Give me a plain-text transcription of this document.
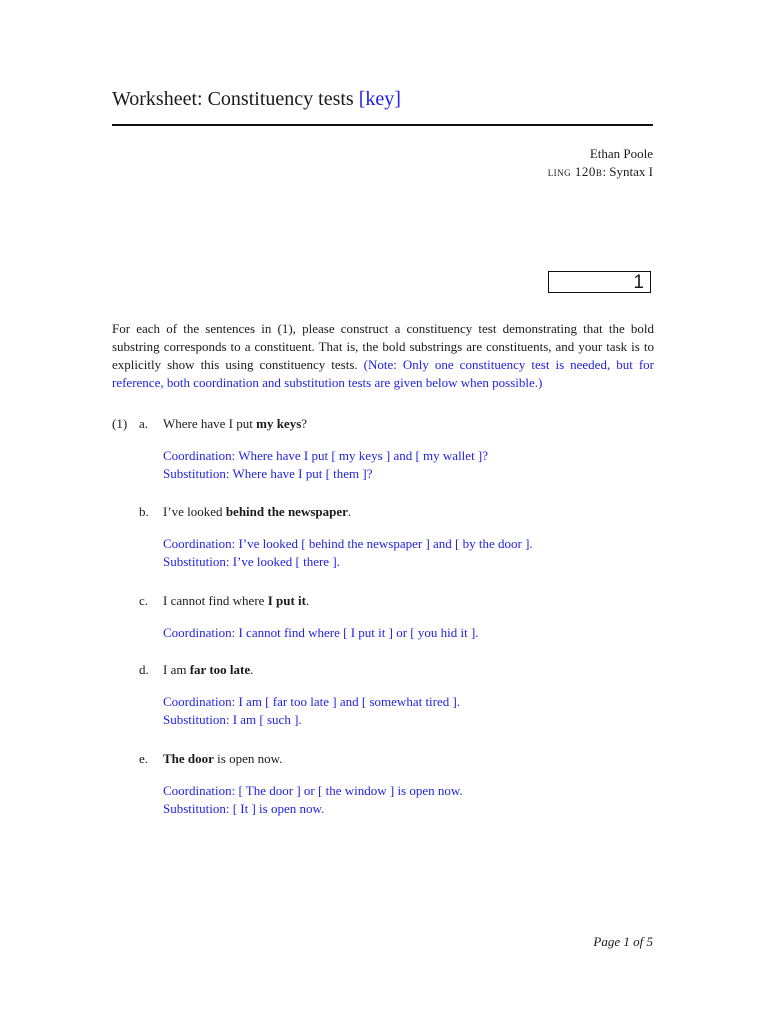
Worksheet: Constituency tests [key]
Ethan Poole
ling 120b: Syntax I
1
For each of the sentences in (1), please construct a constituency test demonstrating that the bold substring corresponds to a constituent. That is, the bold substrings are constituents, and your task is to explicitly show this using constituency tests. (Note: Only one constituency test is needed, but for reference, both coordination and substitution tests are given below when possible.)
(1) a. Where have I put my keys?
Coordination: Where have I put [ my keys ] and [ my wallet ]?
Substitution: Where have I put [ them ]?
b. I’ve looked behind the newspaper.
Coordination: I’ve looked [ behind the newspaper ] and [ by the door ].
Substitution: I’ve looked [ there ].
c. I cannot find where I put it.
Coordination: I cannot find where [ I put it ] or [ you hid it ].
d. I am far too late.
Coordination: I am [ far too late ] and [ somewhat tired ].
Substitution: I am [ such ].
e. The door is open now.
Coordination: [ The door ] or [ the window ] is open now.
Substitution: [ It ] is open now.
Page 1 of 5
